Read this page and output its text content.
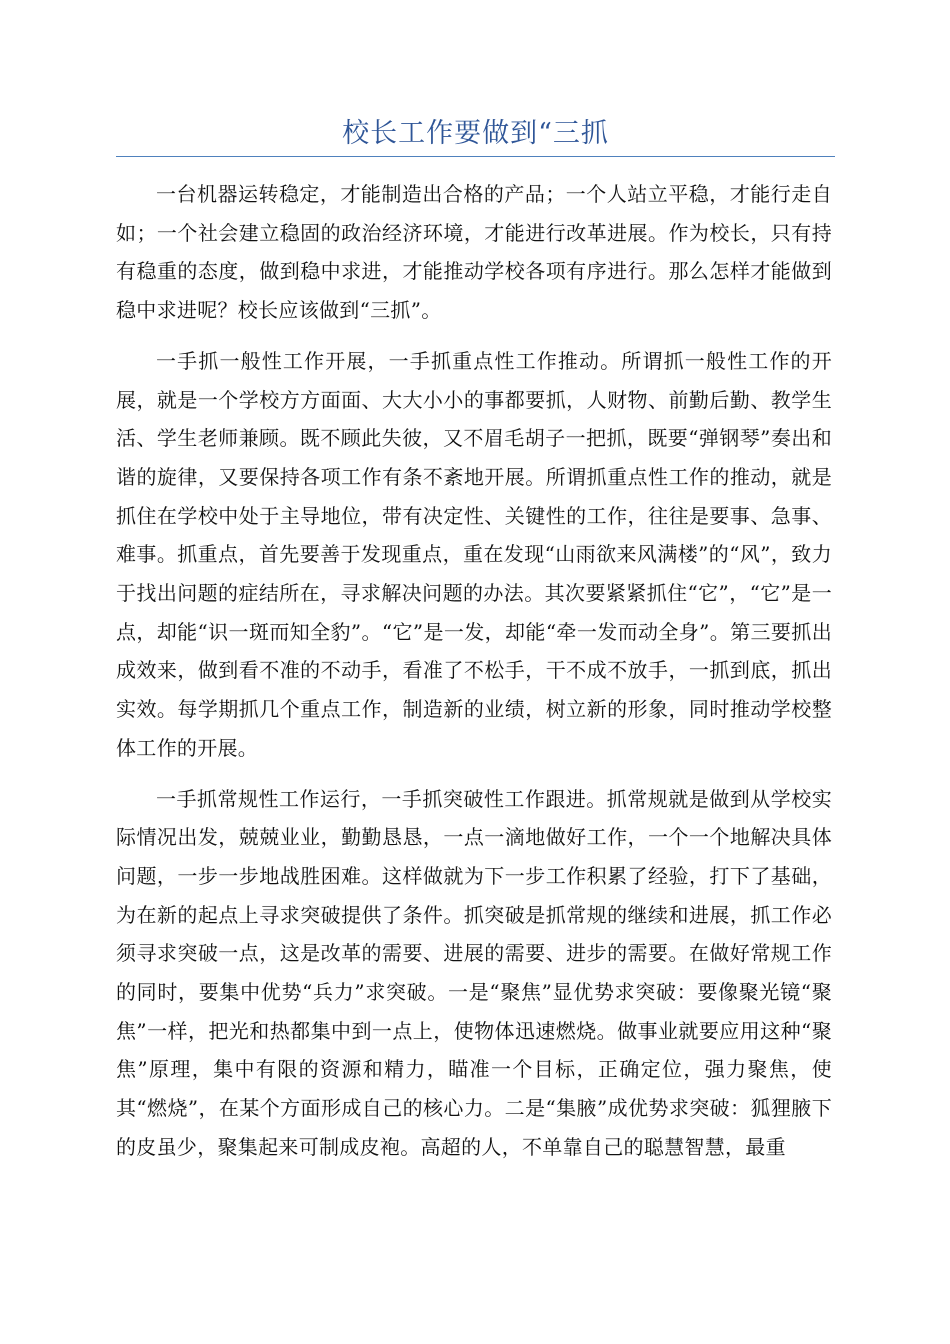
校长工作要做到“三抓

一台机器运转稳定，才能制造出合格的产品；一个人站立平稳，才能行走自如；一个社会建立稳固的政治经济环境，才能进行改革进展。作为校长，只有持有稳重的态度，做到稳中求进，才能推动学校各项有序进行。那么怎样才能做到稳中求进呢？校长应该做到“三抓”。

一手抓一般性工作开展，一手抓重点性工作推动。所谓抓一般性工作的开展，就是一个学校方方面面、大大小小的事都要抓，人财物、前勤后勤、教学生活、学生老师兼顾。既不顾此失彼，又不眉毛胡子一把抓，既要“弹钢琴”奏出和谐的旋律，又要保持各项工作有条不紊地开展。所谓抓重点性工作的推动，就是抓住在学校中处于主导地位，带有决定性、关键性的工作，往往是要事、急事、难事。抓重点，首先要善于发现重点，重在发现“山雨欲来风满楼”的“风”，致力于找出问题的症结所在，寻求解决问题的办法。其次要紧紧抓住“它”，“它”是一点，却能“识一斑而知全豹”。“它”是一发，却能“牵一发而动全身”。第三要抓出成效来，做到看不准的不动手，看准了不松手，干不成不放手，一抓到底，抓出实效。每学期抓几个重点工作，制造新的业绩，树立新的形象，同时推动学校整体工作的开展。

一手抓常规性工作运行，一手抓突破性工作跟进。抓常规就是做到从学校实际情况出发，兢兢业业，勤勤恳恳，一点一滴地做好工作，一个一个地解决具体问题，一步一步地战胜困难。这样做就为下一步工作积累了经验，打下了基础，为在新的起点上寻求突破提供了条件。抓突破是抓常规的继续和进展，抓工作必须寻求突破一点，这是改革的需要、进展的需要、进步的需要。在做好常规工作的同时，要集中优势“兵力”求突破。一是“聚焦”显优势求突破：要像聚光镜“聚焦”一样，把光和热都集中到一点上，使物体迅速燃烧。做事业就要应用这种“聚焦”原理，集中有限的资源和精力，瞄准一个目标，正确定位，强力聚焦，使其“燃烧”，在某个方面形成自己的核心力。二是“集腋”成优势求突破：狐狸腋下的皮虽少，聚集起来可制成皮袍。高超的人，不单靠自己的聪慧智慧，最重
